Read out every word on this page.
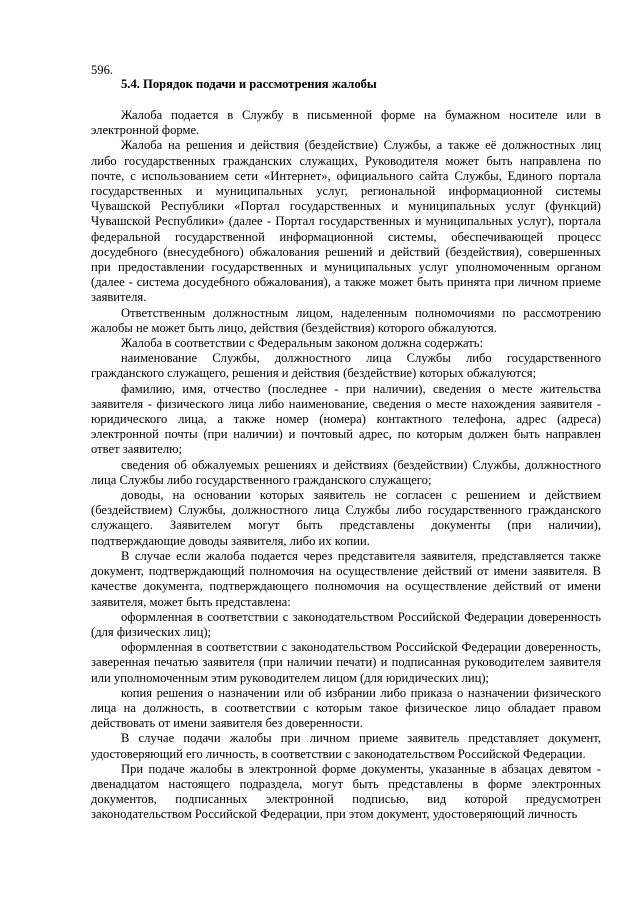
596.
5.4. Порядок подачи и рассмотрения жалобы

Жалоба подается в Службу в письменной форме на бумажном носителе или в электронной форме.

Жалоба на решения и действия (бездействие) Службы, а также её должностных лиц либо государственных гражданских служащих, Руководителя может быть направлена по почте, с использованием сети «Интернет», официального сайта Службы, Единого портала государственных и муниципальных услуг, региональной информационной системы Чувашской Республики «Портал государственных и муниципальных услуг (функций) Чувашской Республики» (далее - Портал государственных и муниципальных услуг), портала федеральной государственной информационной системы, обеспечивающей процесс досудебного (внесудебного) обжалования решений и действий (бездействия), совершенных при предоставлении государственных и муниципальных услуг уполномоченным органом (далее - система досудебного обжалования), а также может быть принята при личном приеме заявителя.

Ответственным должностным лицом, наделенным полномочиями по рассмотрению жалобы не может быть лицо, действия (бездействия) которого обжалуются.

Жалоба в соответствии с Федеральным законом должна содержать:

наименование Службы, должностного лица Службы либо государственного гражданского служащего, решения и действия (бездействие) которых обжалуются;

фамилию, имя, отчество (последнее - при наличии), сведения о месте жительства заявителя - физического лица либо наименование, сведения о месте нахождения заявителя - юридического лица, а также номер (номера) контактного телефона, адрес (адреса) электронной почты (при наличии) и почтовый адрес, по которым должен быть направлен ответ заявителю;

сведения об обжалуемых решениях и действиях (бездействии) Службы, должностного лица Службы либо государственного гражданского служащего;

доводы, на основании которых заявитель не согласен с решением и действием (бездействием) Службы, должностного лица Службы либо государственного гражданского служащего. Заявителем могут быть представлены документы (при наличии), подтверждающие доводы заявителя, либо их копии.

В случае если жалоба подается через представителя заявителя, представляется также документ, подтверждающий полномочия на осуществление действий от имени заявителя. В качестве документа, подтверждающего полномочия на осуществление действий от имени заявителя, может быть представлена:

оформленная в соответствии с законодательством Российской Федерации доверенность (для физических лиц);

оформленная в соответствии с законодательством Российской Федерации доверенность, заверенная печатью заявителя (при наличии печати) и подписанная руководителем заявителя или уполномоченным этим руководителем лицом (для юридических лиц);

копия решения о назначении или об избрании либо приказа о назначении физического лица на должность, в соответствии с которым такое физическое лицо обладает правом действовать от имени заявителя без доверенности.

В случае подачи жалобы при личном приеме заявитель представляет документ, удостоверяющий его личность, в соответствии с законодательством Российской Федерации.

При подаче жалобы в электронной форме документы, указанные в абзацах девятом - двенадцатом настоящего подраздела, могут быть представлены в форме электронных документов, подписанных электронной подписью, вид которой предусмотрен законодательством Российской Федерации, при этом документ, удостоверяющий личность
